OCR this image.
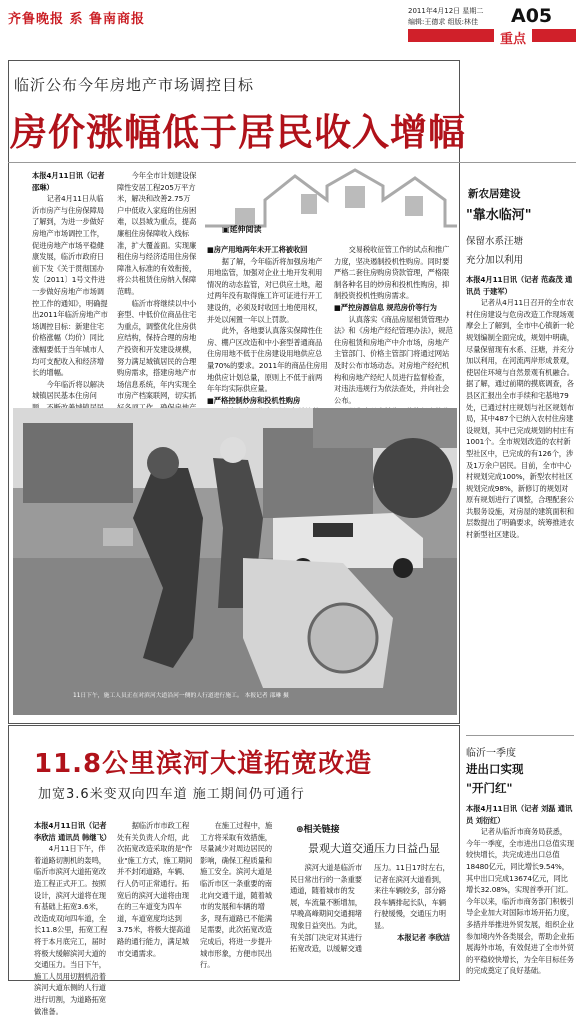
齐鲁晚报 系 鲁南商报
2011年4月12日 星期二
编辑:王德求 组版:林佳 A05
重点
临沂公布今年房地产市场调控目标
房价涨幅低于居民收入增幅

本报4月11日讯（记者 邵琳）

记者4月11日从临沂市房产与住房保障局了解到，为进一步做好房地产市场调控工作，促进房地产市场平稳健康发展，临沂市政府日前下发《关于贯彻国办发〔2011〕1号文件进一步做好房地产市场调控工作的通知》，明确提出2011年临沂房地产市场调控目标：新建住宅价格涨幅（均价）同比涨幅要低于当年城市人均可支配收入和经济增长的增幅。

今年临沂将以解决城镇居民基本住房问

今年全市计划建设保障性安居工程205万平方米，解决和改善2.75万户中低收入家庭的住房困难，以县城为重点，提高廉租住房保障收入线标准，扩大覆盖面。实现廉租住房与经济适用住房保障准入标准的有效衔接，将公共租赁住房纳入保障范畴。

临沂市将继续以中小套型、中低价位商品住宅为重点，调整优化住房供应结构，保持合理的房地产投资和开发建设规模，努力满足城镇居民的合理购房需求，搭建房地产市场信息系统，年内实现全市房产档案联网，切实抓

▣延伸阅读

■房产用地两年未开工将被收回

据了解，今年临沂将加强房地产用地监管，加强对企业土地开发利用情况的动态监管，对已供应土地，超过两年没有取得施工许可证进行开工建设的，必须及时收回土地使用权，并处以闲置一年以上罚款。

此外，各地要认真落实保障性住房、棚户区改造和中小套型普通商品住房用地不低于住房建设用地供应总量70%的要求。2011年的商品住房用地供应计划总量，原则上不低于前两年年均实际供应量。

■严格控制炒房和投机性购房

交易税收征管工作的试点和推广力度，坚决遏制投机性购房。同时要严格二套住房购房贷款管理，严格限制各种名目的炒房和投机性购房，抑制投资投机性购房需求。

■严控房源信息 规范房价等行为

认真落实《商品房屋租赁管理办法》和《房地产经纪管理办法》，规范住房租赁和房地产中介市场，房地产主管部门、价格主管部门将通过网站及时公布市场动态。对房地产经纪机构和房地产经纪人员进行监督检查，对违法违规行为依法查处，并向社会公布。

新农居建设
"靠水临河"
保留水系汪塘
充分加以利用

本报4月11日讯（记者 范森茂 通讯员 于建军）

记者从4月11日召开的全市农村住房建设与危房改造工作现场观摩会上了解到，全市中心镇新一轮规划编制全面完成，规划中明确，尽量保留现有水系、汪塘，并充分加以利用，在河流两岸形成景观，使居住环境与自然景观有机融合。据了解，通过前期的摸底调查，各县区汇报出全市手续和宅基地79处，已通过村庄规划与社区规划布局，其中487个已纳入农村住房建设规划，其中已完成规划的村庄有1001个。全市规划改造的农村新型社区中，已完成的有126个，涉及1万余户居民。目前，全市中心村规划完成100%，新型农村社区规划完成98%，新修订的规划对原有规划进行了调整，合理配套公共服务设施，对房屋的建筑面积和层数提出了明确要求，统筹推进农村新型社区建设。

11日下午，施工人员正在对滨河大道沿河一侧的人行道进行施工。 本报记者 邵琳 摄
11.8公里滨河大道拓宽改造
加宽3.6米变双向四车道 施工期间仍可通行

本报4月11日讯（记者 李欣洁 通讯员 韩继飞）

4月11日下午，伴着道路切割机的轰鸣，临沂市滨河大道拓宽改造工程正式开工。按照设计，滨河大道将在现有基础上拓宽3.6米，改造成双向四车道，全长11.8公里，拓宽工程将于本月底完工，届时将极大缓解滨河大道的交通压力。当日下午，施工人员用切割机沿着滨河大道东侧的人行道进行切割，为道路拓宽做准备。

据临沂市市政工程处有关负责人介绍，此次拓宽改造采取的是"作业"施工方式，施工期间并不封闭道路，车辆、行人仍可正常通行。拓宽后的滨河大道将由现在的三车道变为四车道，车道宽度均达到3.75米，将极大提高道路的通行能力，满足城市交通需求。

在施工过程中，施工方将采取有效措施，尽量减少对周边居民的影响，确保工程质量和施工安全。滨河大道是临沂市区一条重要的南北向交通干道，随着城市的发展和车辆的增多，现有道路已不能满足需要，此次拓宽改造完成后，将进一步提升城市形象，方便市民出行。

⊕相关链接
景观大道交通压力日益凸显

滨河大道是临沂市民日常出行的一条重要通道，随着城市的发展，车流量不断增加，早晚高峰期间交通拥堵现象日益突出。为此，有关部门决定对其进行拓宽改造，以缓解交通压力。11日17时左右，记者在滨河大道看到，来往车辆较多，部分路段车辆排起长队，车辆行驶缓慢，交通压力明显。

本报记者 李欣洁

临沂一季度
进出口实现
"开门红"

本报4月11日讯（记者 刘磊 通讯员 刘衍红）

记者从临沂市商务局获悉，今年一季度，全市进出口总值实现较快增长，共完成进出口总值18480亿元，同比增长9.54%，其中出口完成13674亿元，同比增长32.08%，实现首季开门红。今年以来，临沂市商务部门积极引导企业加大对国际市场开拓力度，多措并举推进外贸发展，组织企业参加境内外各类展会，帮助企业拓展海外市场，有效促进了全市外贸的平稳较快增长，为全年目标任务的完成奠定了良好基础。
